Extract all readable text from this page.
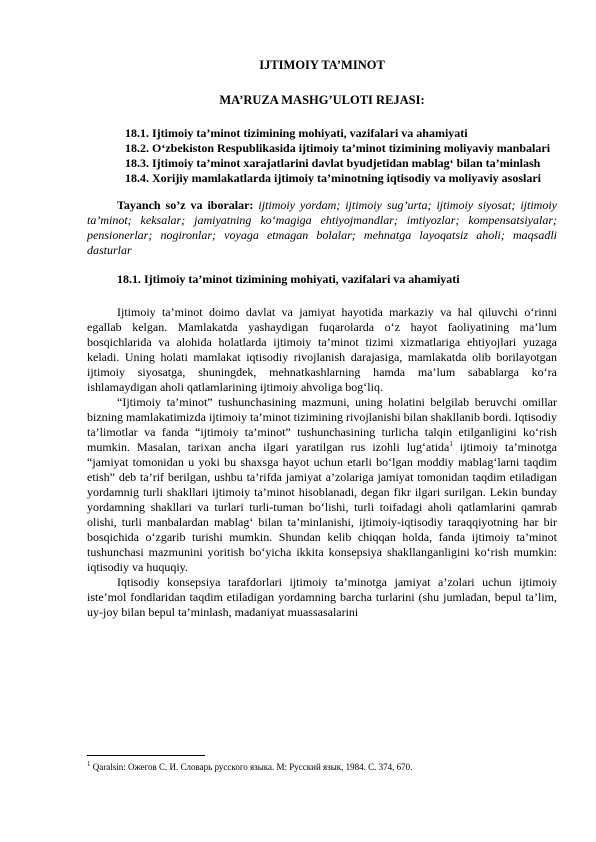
IJTIMOIY TA’MINOT
MA’RUZA MASHG’ULOTI REJASI:

18.1. Ijtimoiy ta’minot tizimining mohiyati, vazifalari va ahamiyati

18.2. O‘zbekiston Respublikasida ijtimoiy ta’minot tizimining moliyaviy manbalari

18.3. Ijtimoiy ta’minot xarajatlarini davlat byudjetidan mablag‘ bilan ta’minlash

18.4. Xorijiy mamlakatlarda ijtimoiy ta’minotning iqtisodiy va moliyaviy asoslari

Tayanch so’z va iboralar: ijtimoiy yordam; ijtimoiy sug’urta; ijtimoiy siyosat; ijtimoiy ta’minot; keksalar; jamiyatning ko‘magiga ehtiyojmandlar; imtiyozlar; kompensatsiyalar; pensionerlar; nogironlar; voyaga etmagan bolalar; mehnatga layoqatsiz aholi; maqsadli dasturlar

18.1. Ijtimoiy ta’minot tizimining mohiyati, vazifalari va ahamiyati

Ijtimoiy ta’minot doimo davlat va jamiyat hayotida markaziy va hal qiluvchi o‘rinni egallab kelgan. Mamlakatda yashaydigan fuqarolarda o‘z hayot faoliyatining ma’lum bosqichlarida va alohida holatlarda ijtimoiy ta’minot tizimi xizmatlariga ehtiyojlari yuzaga keladi. Uning holati mamlakat iqtisodiy rivojlanish darajasiga, mamlakatda olib borilayotgan ijtimoiy siyosatga, shuningdek, mehnatkashlarning hamda ma’lum sabablarga ko‘ra ishlamaydigan aholi qatlamlarining ijtimoiy ahvoliga bog‘liq.

“Ijtimoiy ta’minot” tushunchasining mazmuni, uning holatini belgilab beruvchi omillar bizning mamlakatimizda ijtimoiy ta’minot tizimining rivojlanishi bilan shakllanib bordi. Iqtisodiy ta’limotlar va fanda “ijtimoiy ta’minot” tushunchasining turlicha talqin etilganligini ko‘rish mumkin. Masalan, tarixan ancha ilgari yaratilgan rus izohli lug‘atida$^1$ ijtimoiy ta’minotga “jamiyat tomonidan u yoki bu shaxsga hayot uchun etarli bo‘lgan moddiy mablag‘larni taqdim etish” deb ta’rif berilgan, ushbu ta’rifda jamiyat a’zolariga jamiyat tomonidan taqdim etiladigan yordamnig turli shakllari ijtimoiy ta’minot hisoblanadi, degan fikr ilgari surilgan. Lekin bunday yordamning shakllari va turlari turli-tuman bo‘lishi, turli toifadagi aholi qatlamlarini qamrab olishi, turli manbalardan mablag‘ bilan ta’minlanishi, ijtimoiy-iqtisodiy taraqqiyotning har bir bosqichida o‘zgarib turishi mumkin. Shundan kelib chiqqan holda, fanda ijtimoiy ta’minot tushunchasi mazmunini yoritish bo‘yicha ikkita konsepsiya shakllanganligini ko‘rish mumkin: iqtisodiy va huquqiy.

Iqtisodiy konsepsiya tarafdorlari ijtimoiy ta’minotga jamiyat a’zolari uchun ijtimoiy iste’mol fondlaridan taqdim etiladigan yordamning barcha turlarini (shu jumladan, bepul ta’lim, uy-joy bilan bepul ta’minlash, madaniyat muassasalarini

$^1$ Qaralsin: Ожегов С. И. Словарь русского языка. М: Русский язык, 1984. С. 374, 670.
